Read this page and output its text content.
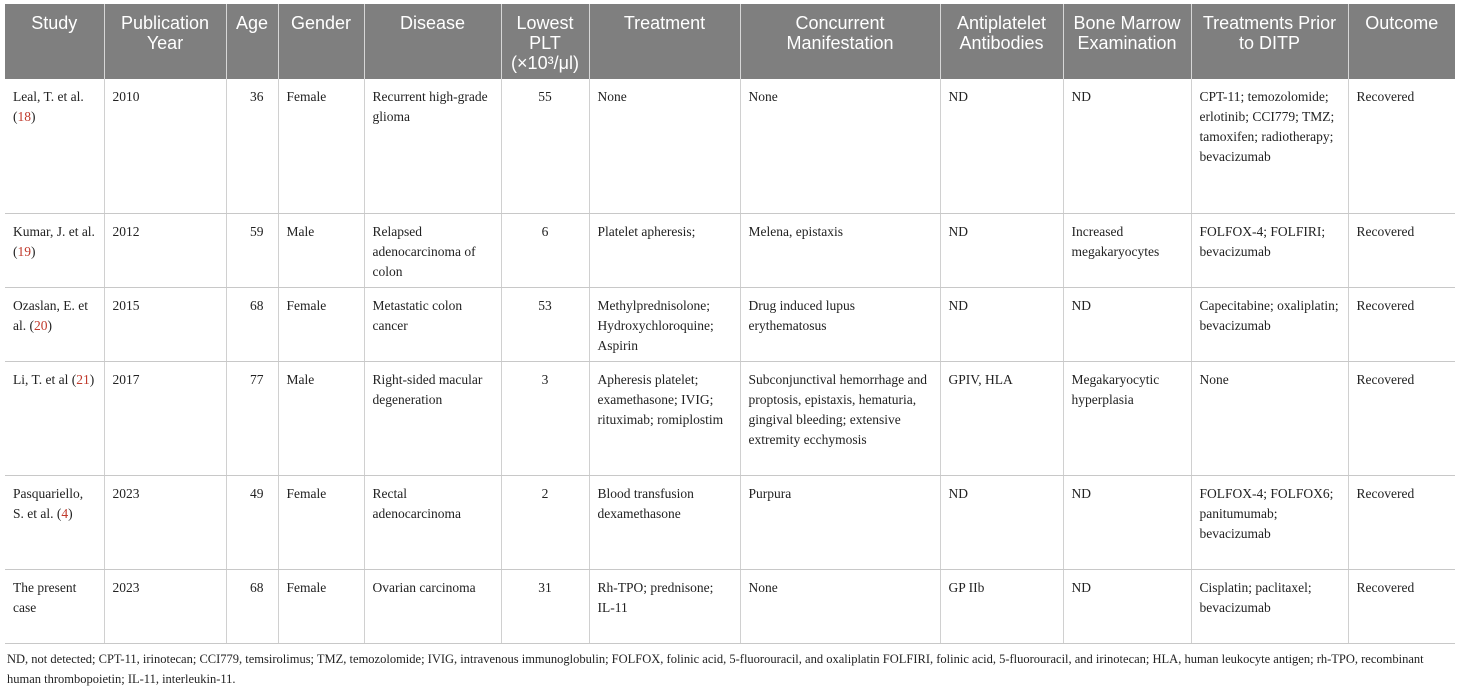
Study	Publication Year	Age	Gender	Disease	Lowest PLT (×10³/μl)	Treatment	Concurrent Manifestation	Antiplatelet Antibodies	Bone Marrow Examination	Treatments Prior to DITP	Outcome
Leal, T. et al. (18)	2010	36	Female	Recurrent high-grade glioma	55	None	None	ND	ND	CPT-11; temozolomide; erlotinib; CCI779; TMZ; tamoxifen; radiotherapy; bevacizumab	Recovered
Kumar, J. et al. (19)	2012	59	Male	Relapsed adenocarcinoma of colon	6	Platelet apheresis;	Melena, epistaxis	ND	Increased megakaryocytes	FOLFOX-4; FOLFIRI; bevacizumab	Recovered
Ozaslan, E. et al. (20)	2015	68	Female	Metastatic colon cancer	53	Methylprednisolone; Hydroxychloroquine; Aspirin	Drug induced lupus erythematosus	ND	ND	Capecitabine; oxaliplatin; bevacizumab	Recovered
Li, T. et al (21)	2017	77	Male	Right-sided macular degeneration	3	Apheresis platelet; examethasone; IVIG; rituximab; romiplostim	Subconjunctival hemorrhage and proptosis, epistaxis, hematuria, gingival bleeding; extensive extremity ecchymosis	GPIV, HLA	Megakaryocytic hyperplasia	None	Recovered
Pasquariello, S. et al. (4)	2023	49	Female	Rectal adenocarcinoma	2	Blood transfusion dexamethasone	Purpura	ND	ND	FOLFOX-4; FOLFOX6; panitumumab; bevacizumab	Recovered
The present case	2023	68	Female	Ovarian carcinoma	31	Rh-TPO; prednisone; IL-11	None	GP IIb	ND	Cisplatin; paclitaxel; bevacizumab	Recovered
ND, not detected; CPT-11, irinotecan; CCI779, temsirolimus; TMZ, temozolomide; IVIG, intravenous immunoglobulin; FOLFOX, folinic acid, 5-fluorouracil, and oxaliplatin FOLFIRI, folinic acid, 5-fluorouracil, and irinotecan; HLA, human leukocyte antigen; rh-TPO, recombinant human thrombopoietin; IL-11, interleukin-11.
